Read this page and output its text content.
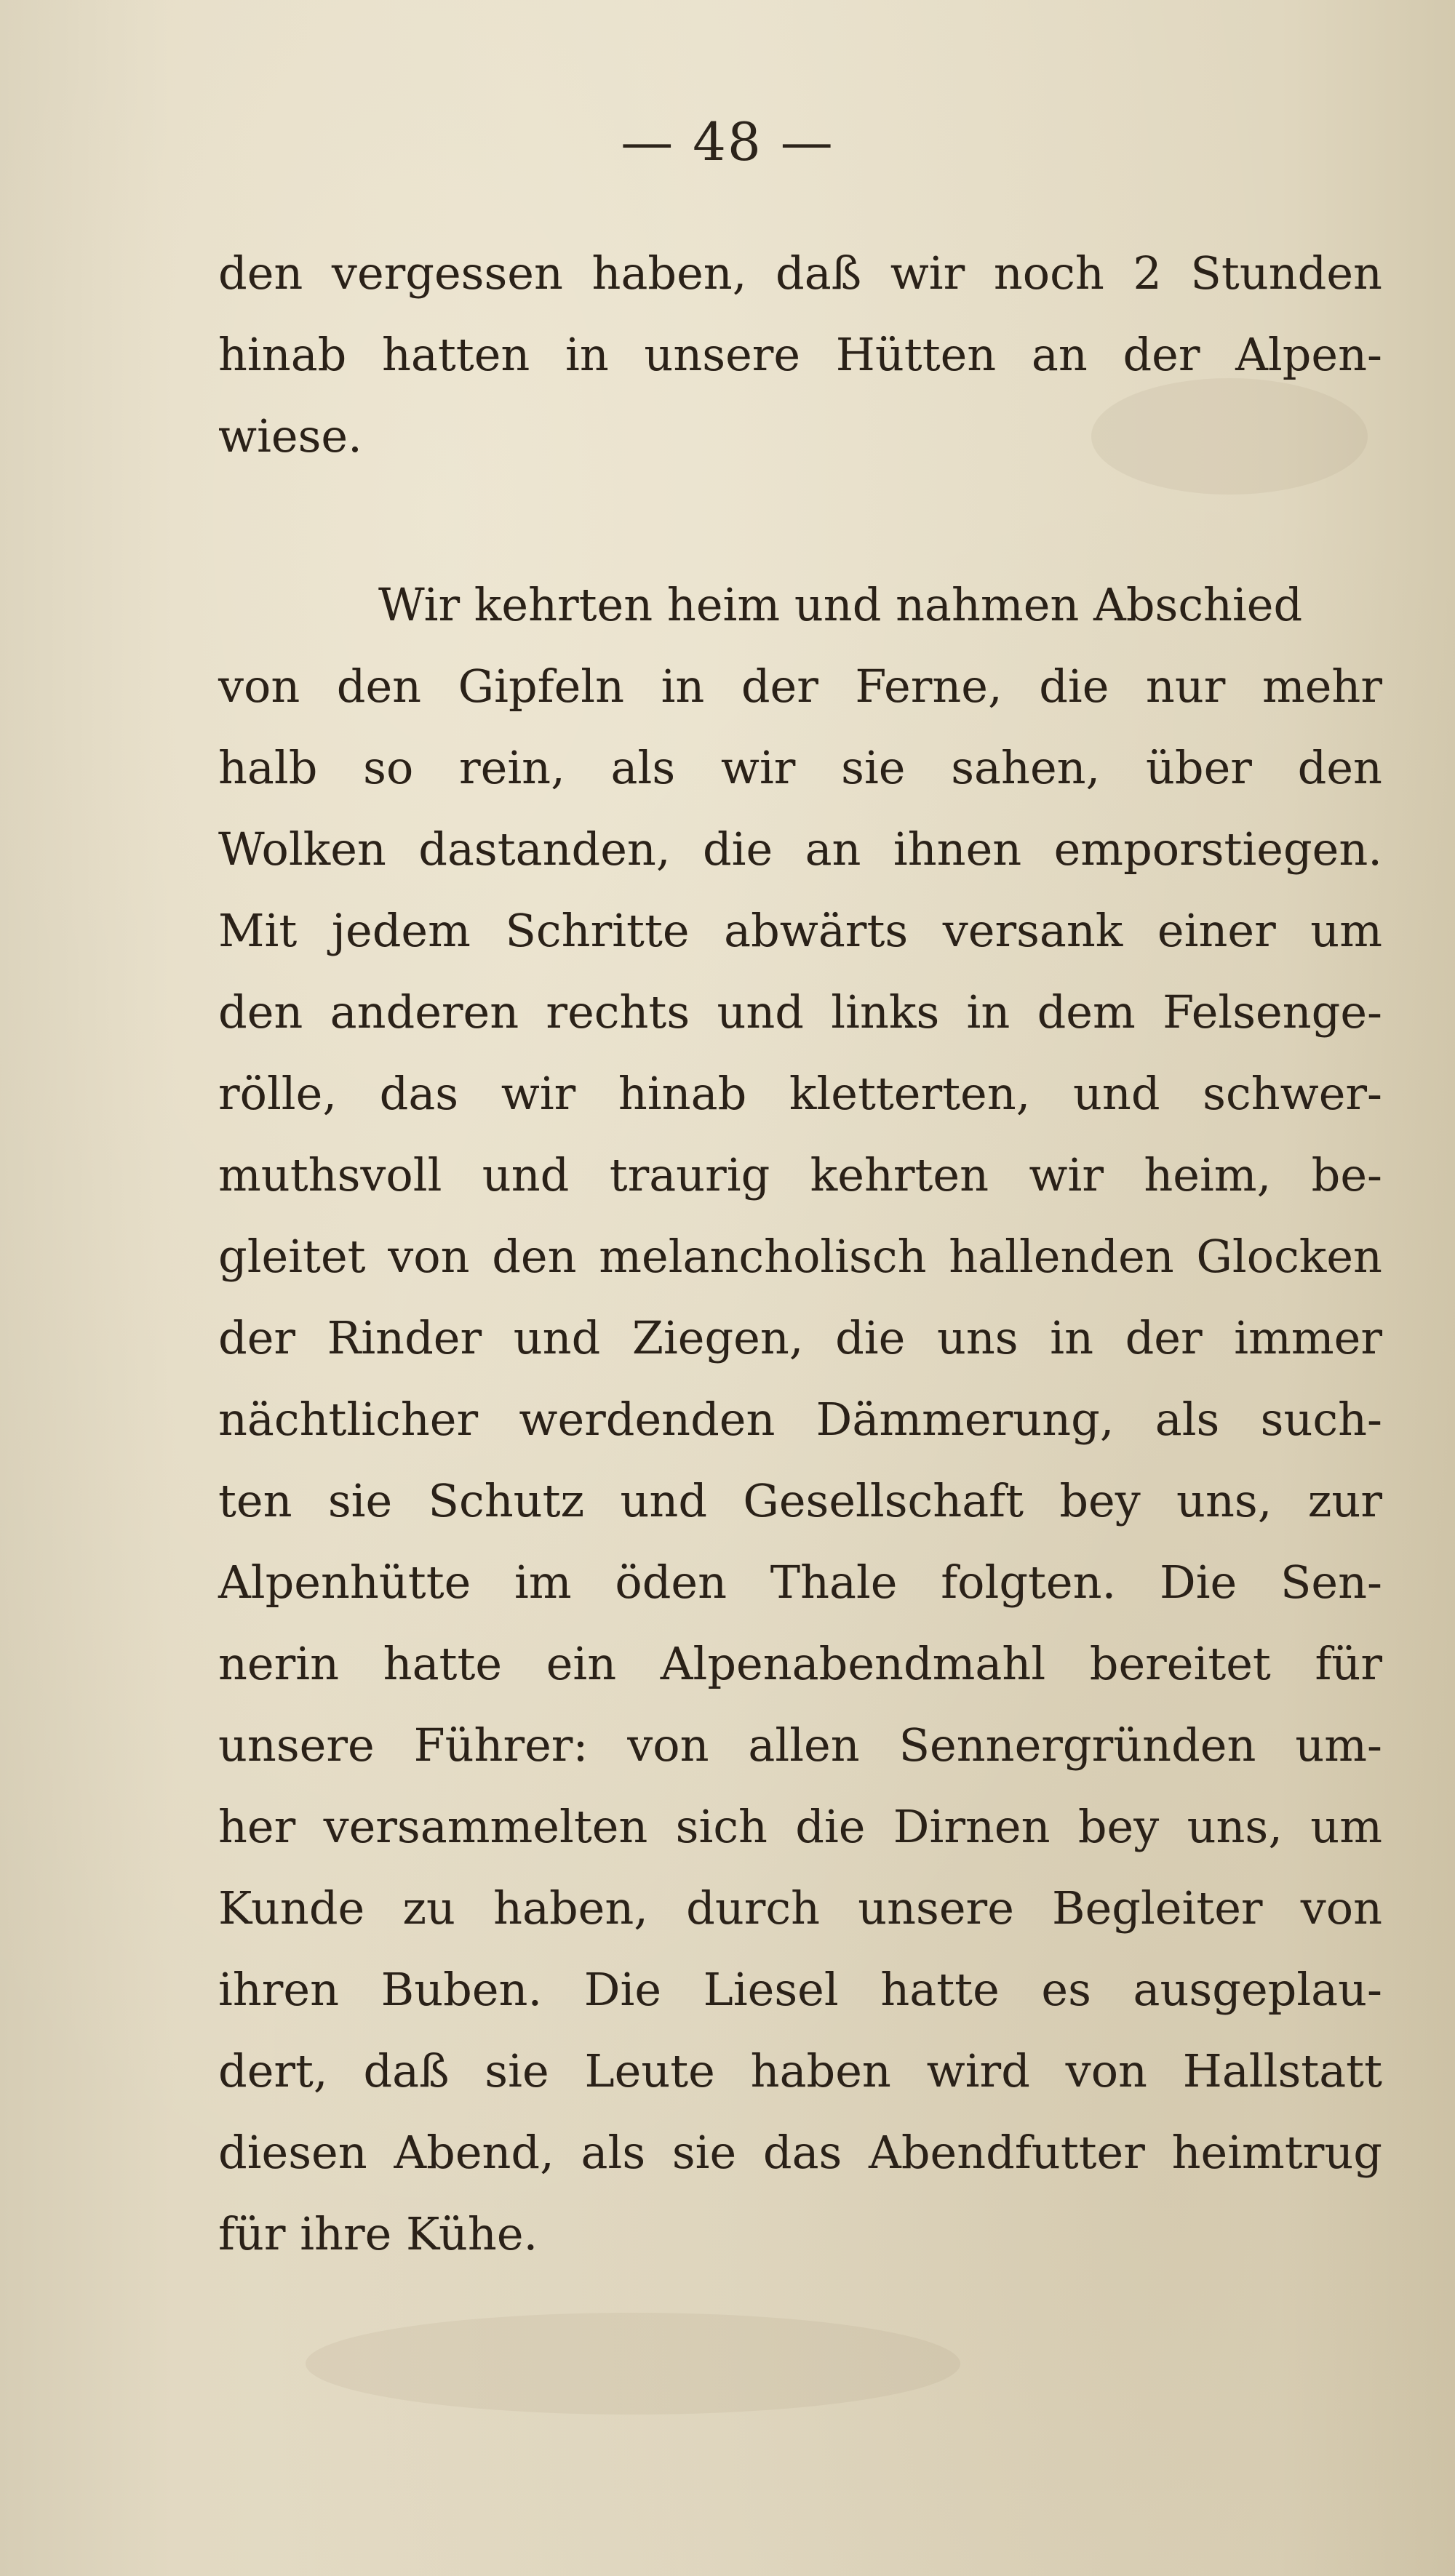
— 48 —
den vergessen haben, daß wir noch 2 Stunden
hinab hatten in unsere Hütten an der Alpen-
wiese.
Wir kehrten heim und nahmen Abschied
von den Gipfeln in der Ferne, die nur mehr
halb so rein, als wir sie sahen, über den
Wolken dastanden, die an ihnen emporstiegen.
Mit jedem Schritte abwärts versank einer um
den anderen rechts und links in dem Felsenge-
rölle, das wir hinab kletterten, und schwer-
muthsvoll und traurig kehrten wir heim, be-
gleitet von den melancholisch hallenden Glocken
der Rinder und Ziegen, die uns in der immer
nächtlicher werdenden Dämmerung, als such-
ten sie Schutz und Gesellschaft bey uns, zur
Alpenhütte im öden Thale folgten. Die Sen-
nerin hatte ein Alpenabendmahl bereitet für
unsere Führer: von allen Sennergründen um-
her versammelten sich die Dirnen bey uns, um
Kunde zu haben, durch unsere Begleiter von
ihren Buben. Die Liesel hatte es ausgeplau-
dert, daß sie Leute haben wird von Hallstatt
diesen Abend, als sie das Abendfutter heimtrug
für ihre Kühe.
